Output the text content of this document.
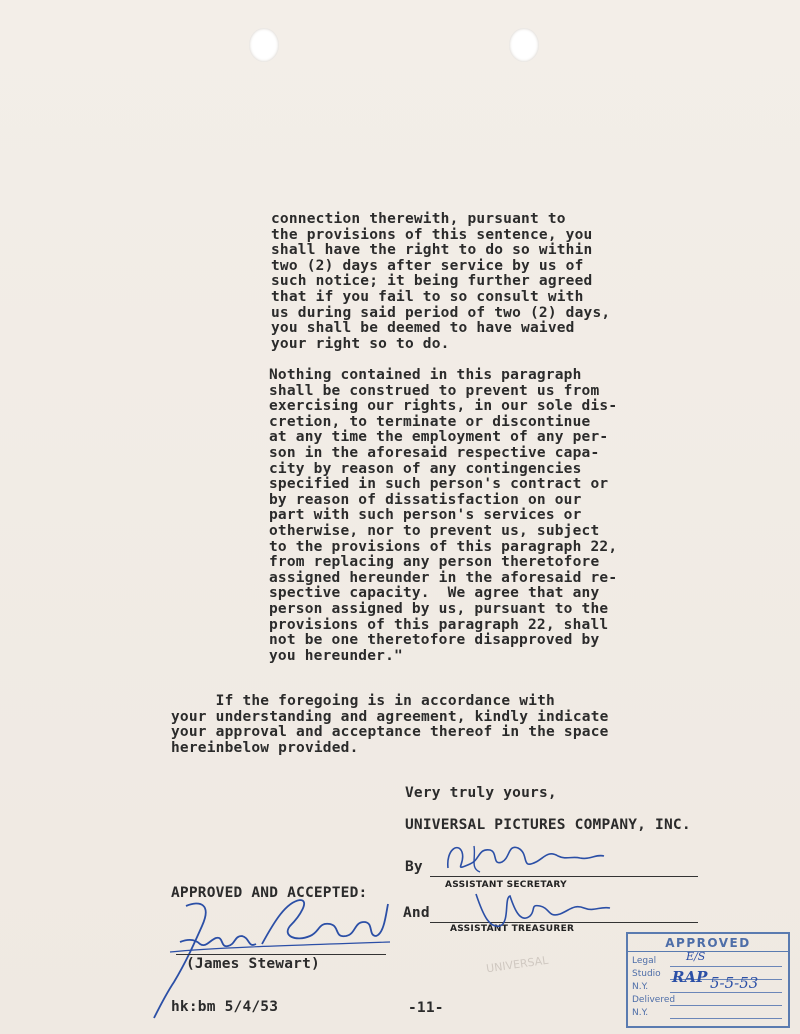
connection therewith, pursuant to
the provisions of this sentence, you
shall have the right to do so within
two (2) days after service by us of
such notice; it being further agreed
that if you fail to so consult with
us during said period of two (2) days,
you shall be deemed to have waived
your right so to do.
Nothing contained in this paragraph
shall be construed to prevent us from
exercising our rights, in our sole dis-
cretion, to terminate or discontinue
at any time the employment of any per-
son in the aforesaid respective capa-
city by reason of any contingencies
specified in such person's contract or
by reason of dissatisfaction on our
part with such person's services or
otherwise, nor to prevent us, subject
to the provisions of this paragraph 22,
from replacing any person theretofore
assigned hereunder in the aforesaid re-
spective capacity.  We agree that any
person assigned by us, pursuant to the
provisions of this paragraph 22, shall
not be one theretofore disapproved by
you hereunder."
If the foregoing is in accordance with
your understanding and agreement, kindly indicate
your approval and acceptance thereof in the space
hereinbelow provided.
Very truly yours,
UNIVERSAL PICTURES COMPANY, INC.
By
ASSISTANT SECRETARY
And
ASSISTANT TREASURER
APPROVED AND ACCEPTED:
(James Stewart)
hk:bm 5/4/53	-11-
UNIVERSAL
APPROVED
Legal
Studio
N.Y.
Delivered
N.Y.
E/S
RAP 5-5-53
